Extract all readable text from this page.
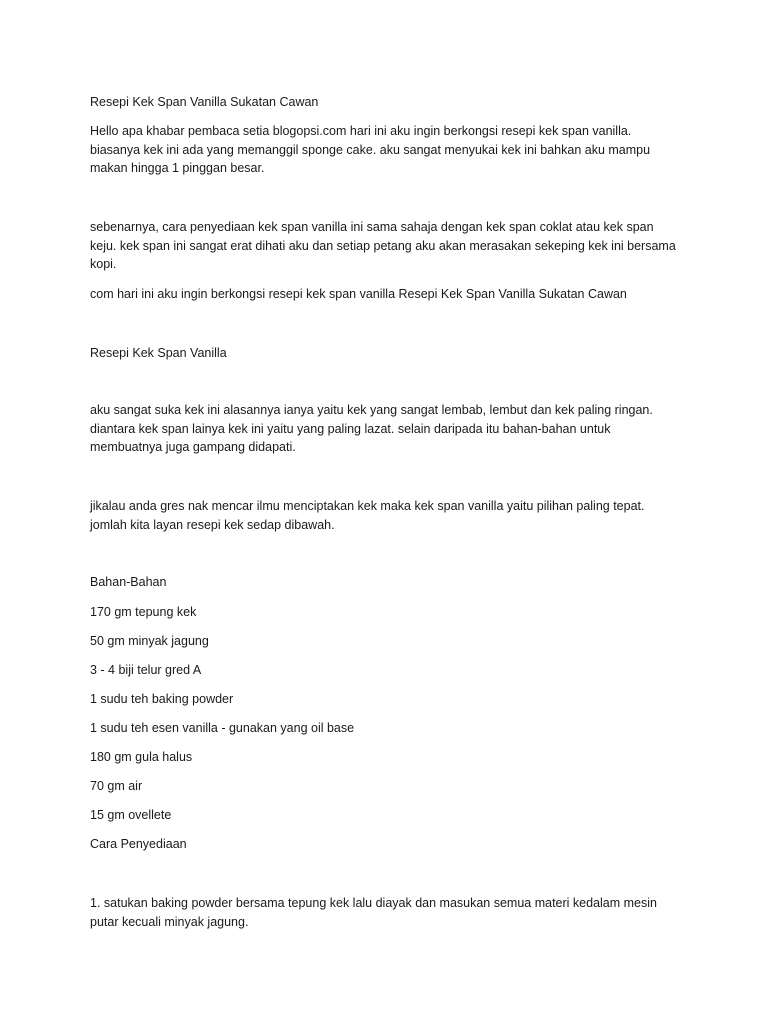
Resepi Kek Span Vanilla Sukatan Cawan

Hello apa khabar pembaca setia blogopsi.com hari ini aku ingin berkongsi resepi kek span vanilla. biasanya kek ini ada yang memanggil sponge cake. aku sangat menyukai kek ini bahkan aku mampu makan hingga 1 pinggan besar.

sebenarnya, cara penyediaan kek span vanilla ini sama sahaja dengan kek span coklat atau kek span keju. kek span ini sangat erat dihati aku dan setiap petang aku akan merasakan sekeping kek ini bersama kopi.

com hari ini aku ingin berkongsi resepi kek span vanilla Resepi Kek Span Vanilla Sukatan Cawan

Resepi Kek Span Vanilla

aku sangat suka kek ini alasannya ianya yaitu kek yang sangat lembab, lembut dan kek paling ringan. diantara kek span lainya kek ini yaitu yang paling lazat. selain daripada itu bahan-bahan untuk membuatnya juga gampang didapati.

jikalau anda gres nak mencar ilmu menciptakan kek maka kek span vanilla yaitu pilihan paling tepat. jomlah kita layan resepi kek sedap dibawah.

Bahan-Bahan

170 gm tepung kek

50 gm minyak jagung

3 - 4 biji telur gred A

1 sudu teh baking powder

1 sudu teh esen vanilla - gunakan yang oil base

180 gm gula halus

70 gm air

15 gm ovellete

Cara Penyediaan

1. satukan baking powder bersama tepung kek lalu diayak dan masukan semua materi kedalam mesin putar kecuali minyak jagung.
